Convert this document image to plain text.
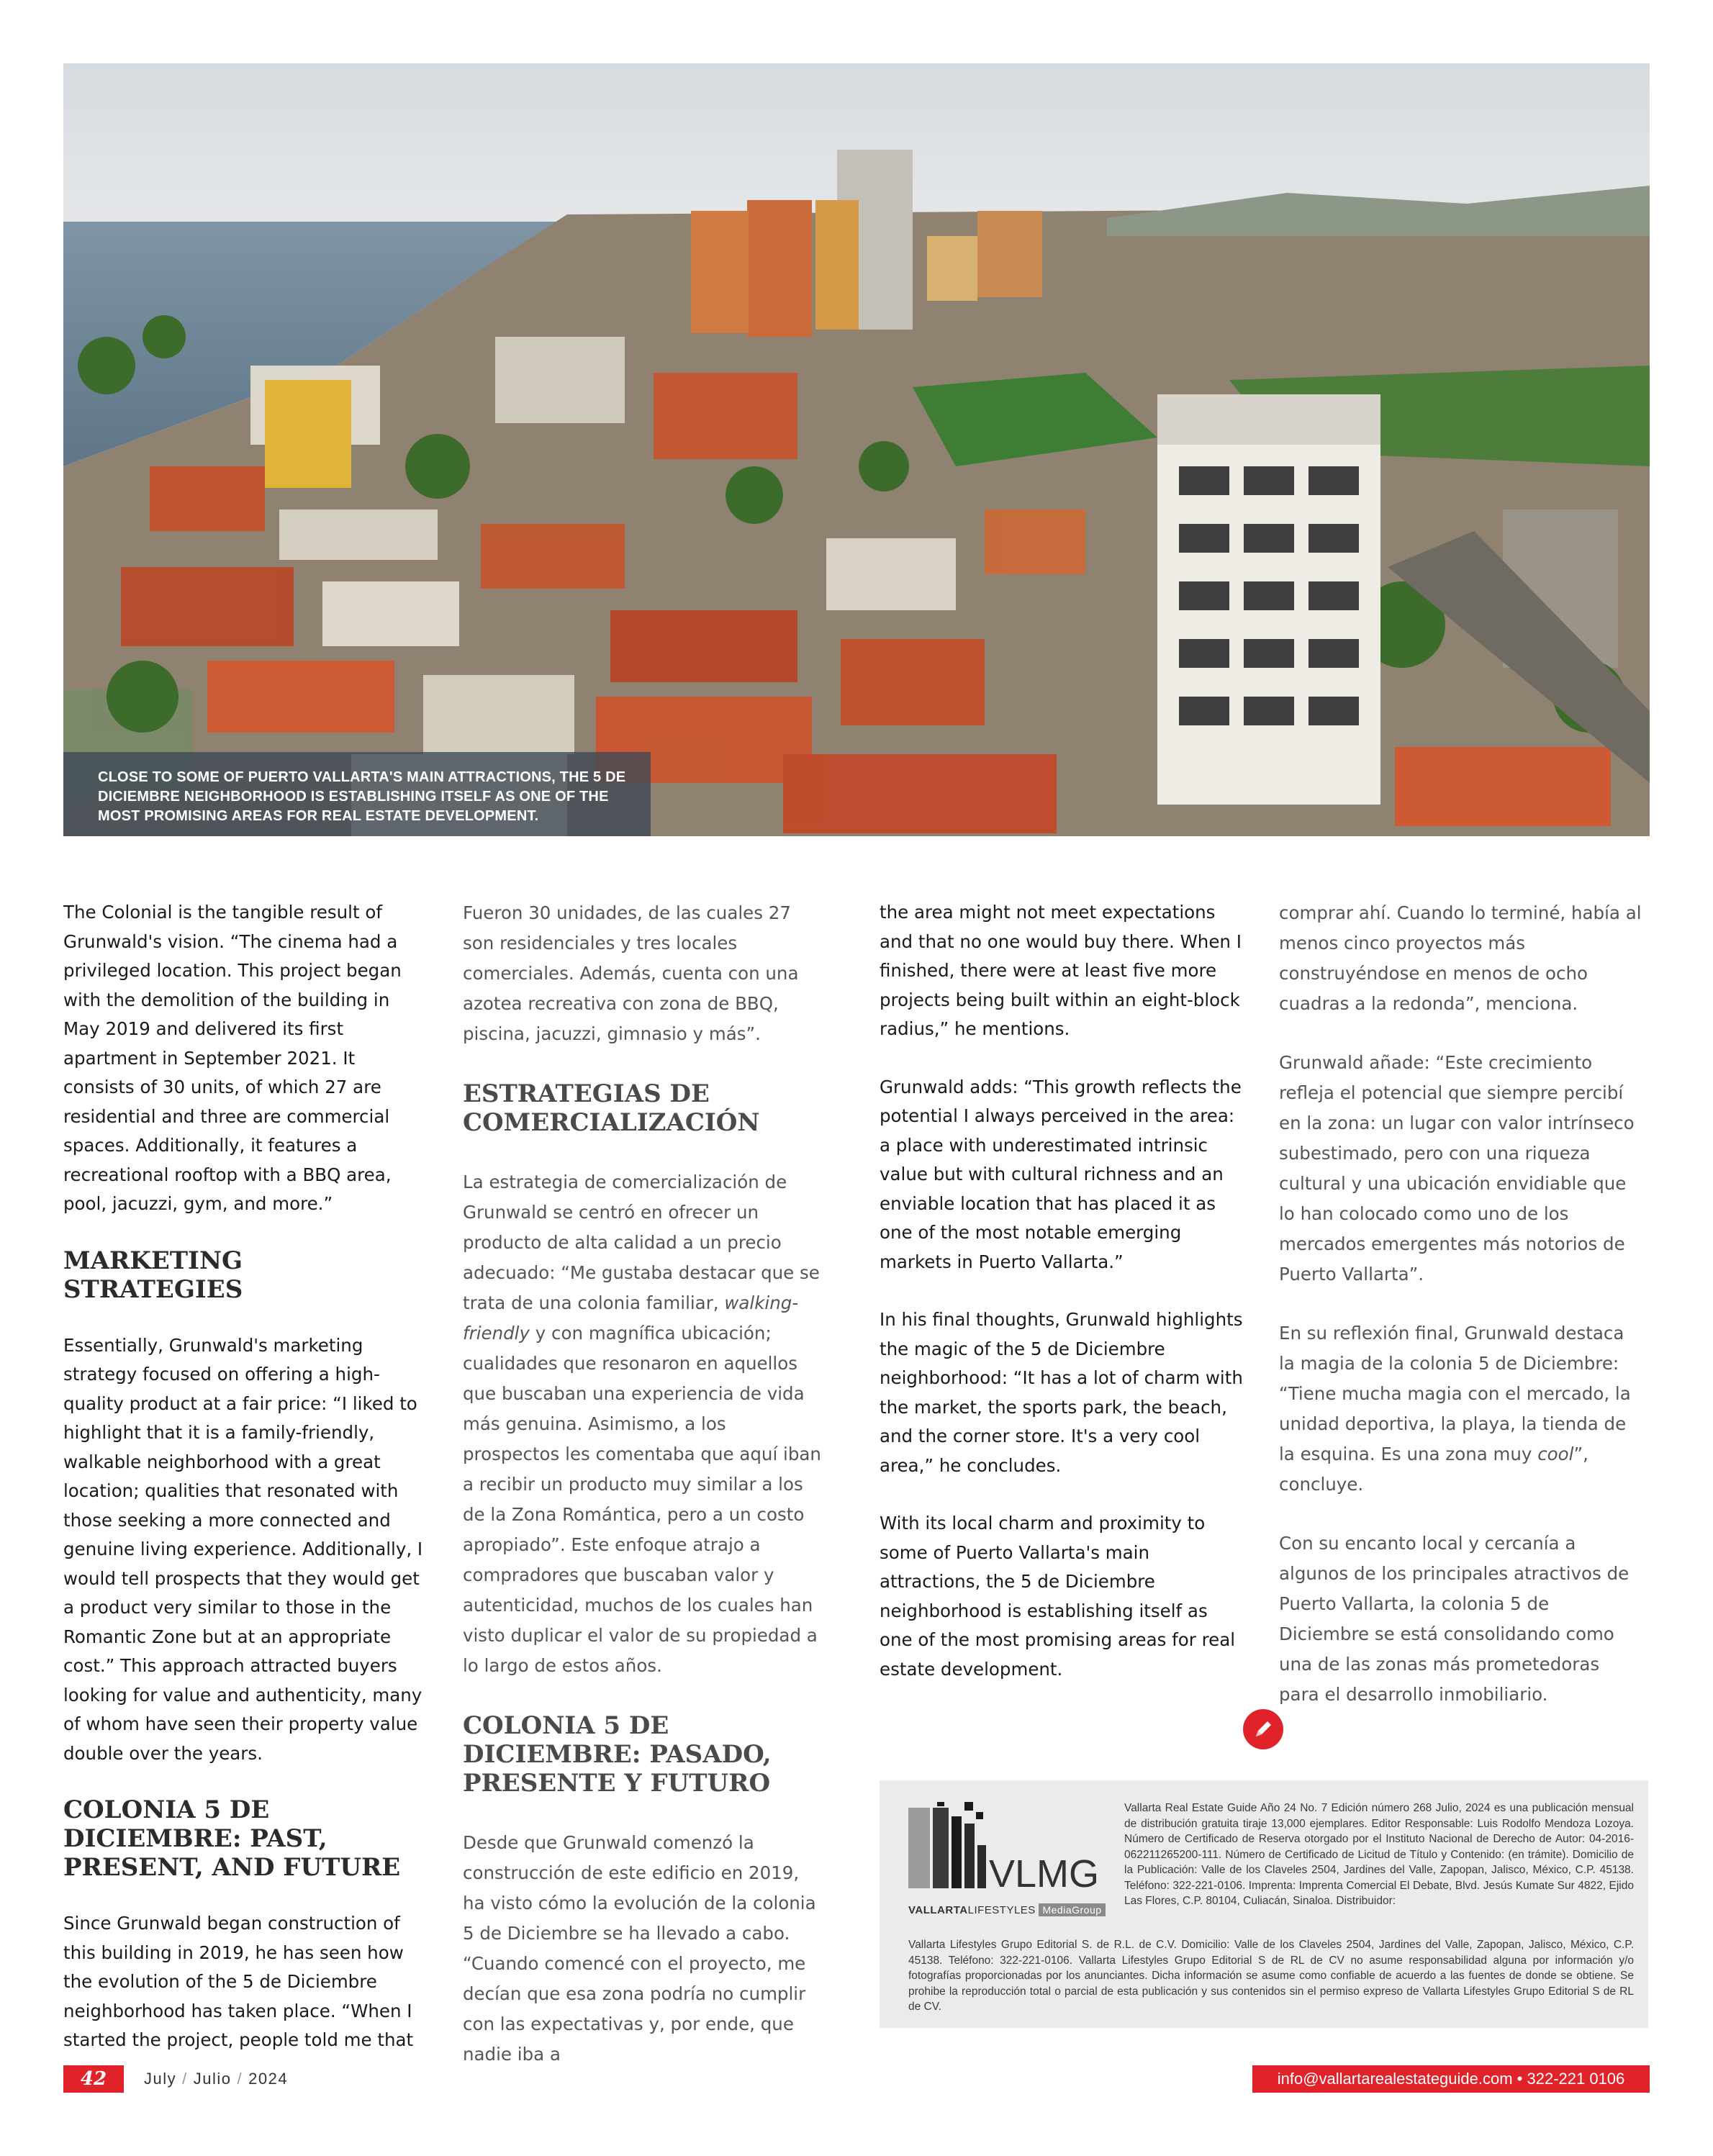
CLOSE TO SOME OF PUERTO VALLARTA'S MAIN ATTRACTIONS, THE 5 DE DICIEMBRE NEIGHBORHOOD IS ESTABLISHING ITSELF AS ONE OF THE MOST PROMISING AREAS FOR REAL ESTATE DEVELOPMENT.

The Colonial is the tangible result of Grunwald's vision. “The cinema had a privileged location. This project began with the demolition of the building in May 2019 and delivered its first apartment in September 2021. It consists of 30 units, of which 27 are residential and three are commercial spaces. Additionally, it features a recreational rooftop with a BBQ area, pool, jacuzzi, gym, and more.”

MARKETING STRATEGIES

Essentially, Grunwald's marketing strategy focused on offering a high-quality product at a fair price: “I liked to highlight that it is a family-friendly, walkable neighborhood with a great location; qualities that resonated with those seeking a more connected and genuine living experience. Additionally, I would tell prospects that they would get a product very similar to those in the Romantic Zone but at an appropriate cost.” This approach attracted buyers looking for value and authenticity, many of whom have seen their property value double over the years.

COLONIA 5 DE DICIEMBRE: PAST, PRESENT, AND FUTURE

Since Grunwald began construction of this building in 2019, he has seen how the evolution of the 5 de Diciembre neighborhood has taken place. “When I started the project, people told me that

Fueron 30 unidades, de las cuales 27 son residenciales y tres locales comerciales. Además, cuenta con una azotea recreativa con zona de BBQ, piscina, jacuzzi, gimnasio y más”.

ESTRATEGIAS DE COMERCIALIZACIÓN

La estrategia de comercialización de Grunwald se centró en ofrecer un producto de alta calidad a un precio adecuado: “Me gustaba destacar que se trata de una colonia familiar, walking-friendly y con magnífica ubicación; cualidades que resonaron en aquellos que buscaban una experiencia de vida más genuina. Asimismo, a los prospectos les comentaba que aquí iban a recibir un producto muy similar a los de la Zona Romántica, pero a un costo apropiado”. Este enfoque atrajo a compradores que buscaban valor y autenticidad, muchos de los cuales han visto duplicar el valor de su propiedad a lo largo de estos años.

COLONIA 5 DE DICIEMBRE: PASADO, PRESENTE Y FUTURO

Desde que Grunwald comenzó la construcción de este edificio en 2019, ha visto cómo la evolución de la colonia 5 de Diciembre se ha llevado a cabo. “Cuando comencé con el proyecto, me decían que esa zona podría no cumplir con las expectativas y, por ende, que nadie iba a

the area might not meet expectations and that no one would buy there. When I finished, there were at least five more projects being built within an eight-block radius,” he mentions.

Grunwald adds: “This growth reflects the potential I always perceived in the area: a place with underestimated intrinsic value but with cultural richness and an enviable location that has placed it as one of the most notable emerging markets in Puerto Vallarta.”

In his final thoughts, Grunwald highlights the magic of the 5 de Diciembre neighborhood: “It has a lot of charm with the market, the sports park, the beach, and the corner store. It's a very cool area,” he concludes.

With its local charm and proximity to some of Puerto Vallarta's main attractions, the 5 de Diciembre neighborhood is establishing itself as one of the most promising areas for real estate development.

comprar ahí. Cuando lo terminé, había al menos cinco proyectos más construyéndose en menos de ocho cuadras a la redonda”, menciona.

Grunwald añade: “Este crecimiento refleja el potencial que siempre percibí en la zona: un lugar con valor intrínseco subestimado, pero con una riqueza cultural y una ubicación envidiable que lo han colocado como uno de los mercados emergentes más notorios de Puerto Vallarta”.

En su reflexión final, Grunwald destaca la magia de la colonia 5 de Diciembre: “Tiene mucha magia con el mercado, la unidad deportiva, la playa, la tienda de la esquina. Es una zona muy cool”, concluye.

Con su encanto local y cercanía a algunos de los principales atractivos de Puerto Vallarta, la colonia 5 de Diciembre se está consolidando como una de las zonas más prometedoras para el desarrollo inmobiliario.

VLMG
VALLARTALIFESTYLES MediaGroup
Vallarta Real Estate Guide Año 24 No. 7 Edición número 268 Julio, 2024 es una publicación mensual de distribución gratuita tiraje 13,000 ejemplares. Editor Responsable: Luis Rodolfo Mendoza Lozoya. Número de Certificado de Reserva otorgado por el Instituto Nacional de Derecho de Autor: 04-2016-062211265200-111. Número de Certificado de Licitud de Título y Contenido: (en trámite). Domicilio de la Publicación: Valle de los Claveles 2504, Jardines del Valle, Zapopan, Jalisco, México, C.P. 45138. Teléfono: 322-221-0106. Imprenta: Imprenta Comercial El Debate, Blvd. Jesús Kumate Sur 4822, Ejido Las Flores, C.P. 80104, Culiacán, Sinaloa. Distribuidor:
Vallarta Lifestyles Grupo Editorial S. de R.L. de C.V. Domicilio: Valle de los Claveles 2504, Jardines del Valle, Zapopan, Jalisco, México, C.P. 45138. Teléfono: 322-221-0106. Vallarta Lifestyles Grupo Editorial S de RL de CV no asume responsabilidad alguna por información y/o fotografías proporcionadas por los anunciantes. Dicha información se asume como confiable de acuerdo a las fuentes de donde se obtiene. Se prohibe la reproducción total o parcial de esta publicación y sus contenidos sin el permiso expreso de Vallarta Lifestyles Grupo Editorial S de RL de CV.
42	July / Julio / 2024	info@vallartarealestateguide.com • 322-221 0106
